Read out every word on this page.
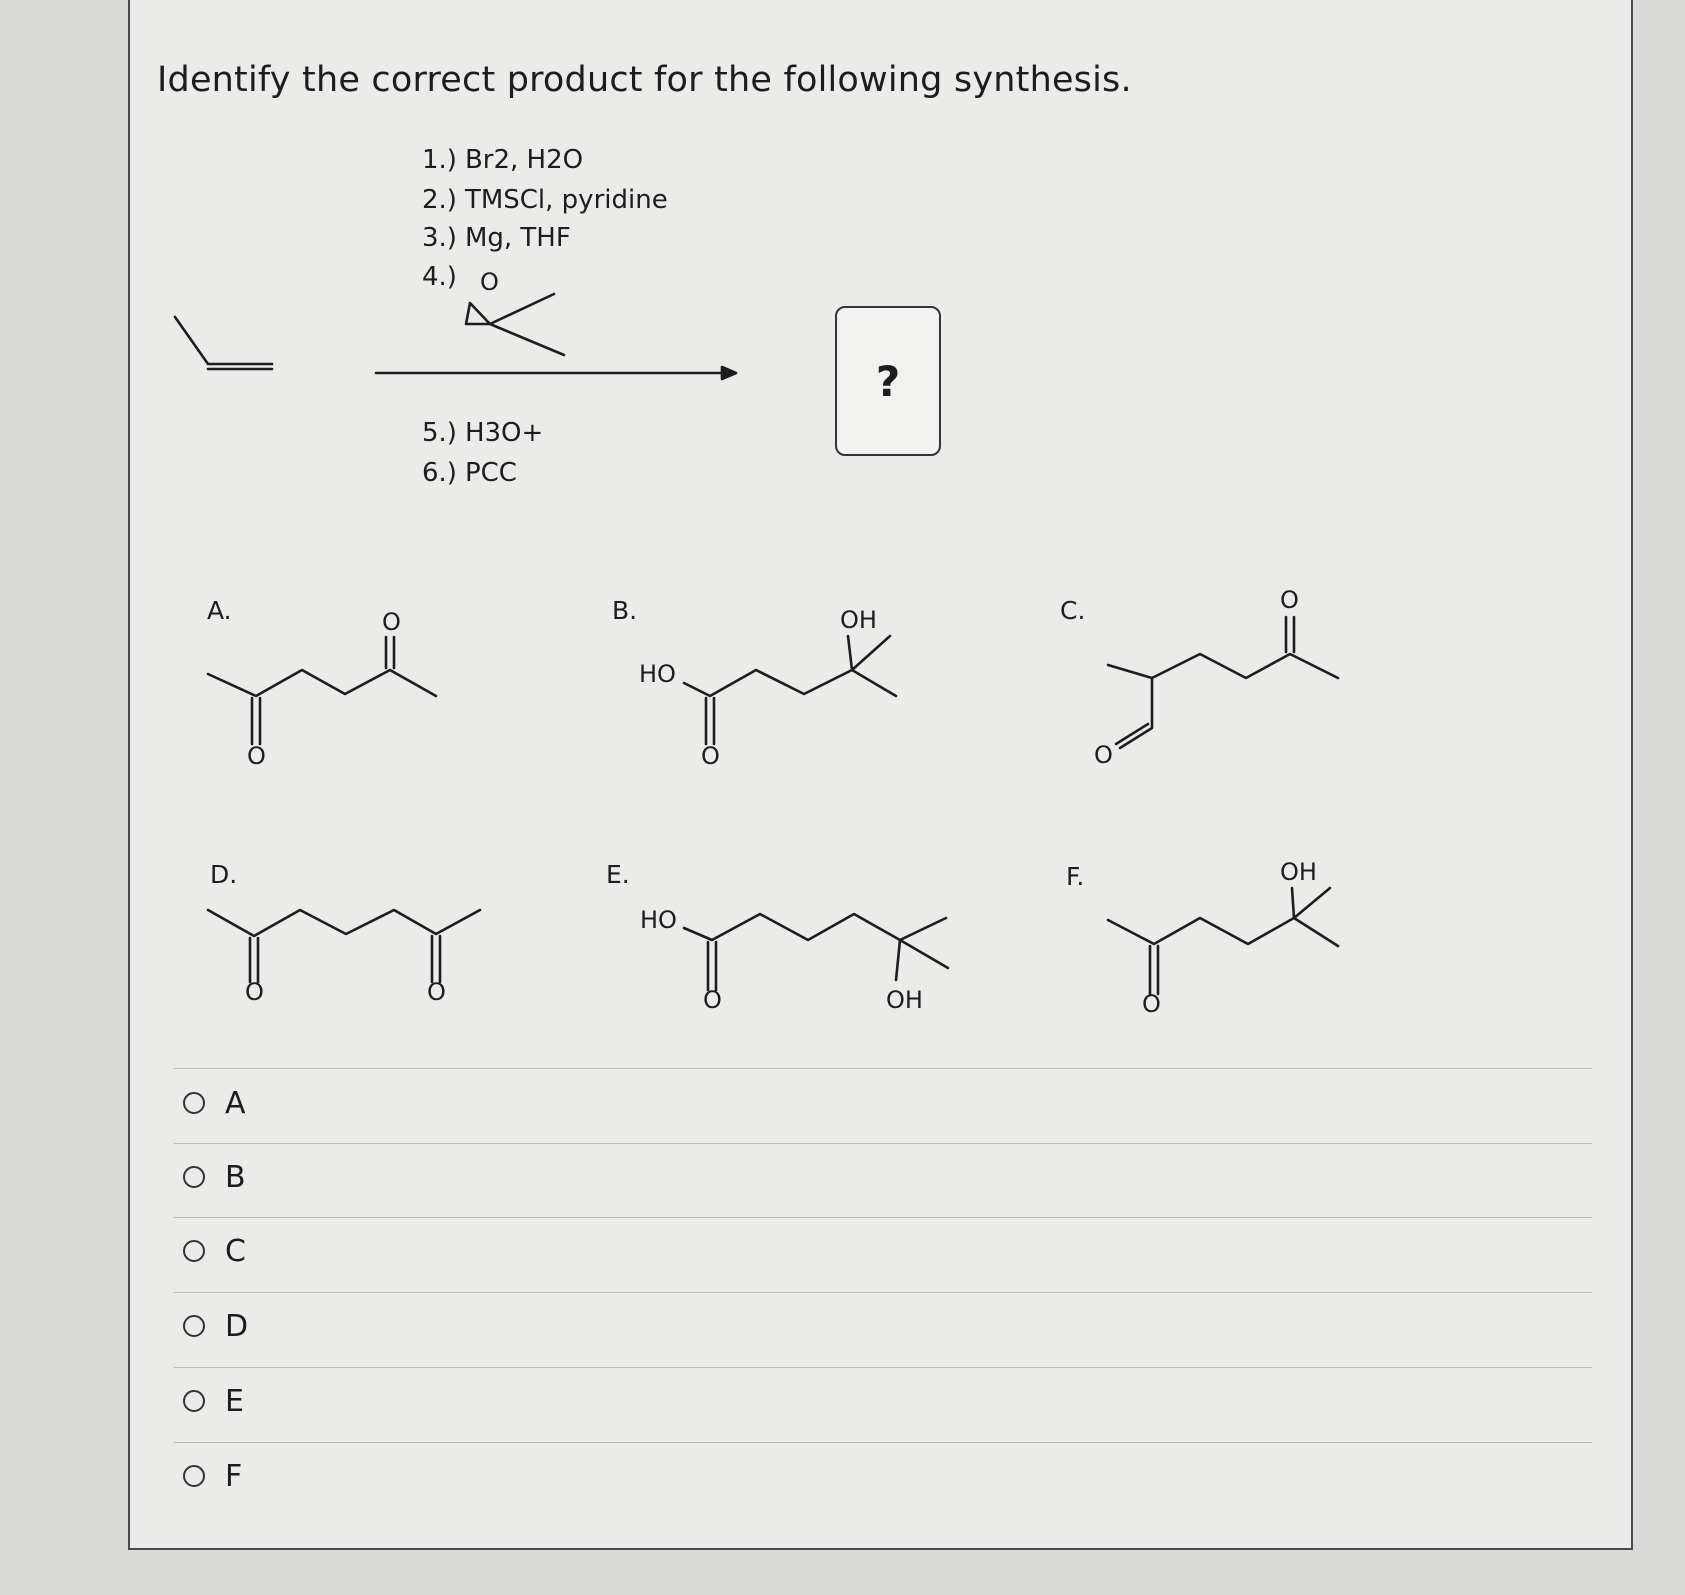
Identify the correct product for the following synthesis.
1.) Br2, H2O
2.) TMSCl, pyridine
3.) Mg, THF
4.) O
5.) H3O+
6.) PCC
?
A.	B.	C.
D.	E.	F.
O
O
HO
OH
O
O
O
O	O
HO
O	OH
OH
O
A
B
C
D
E
F
